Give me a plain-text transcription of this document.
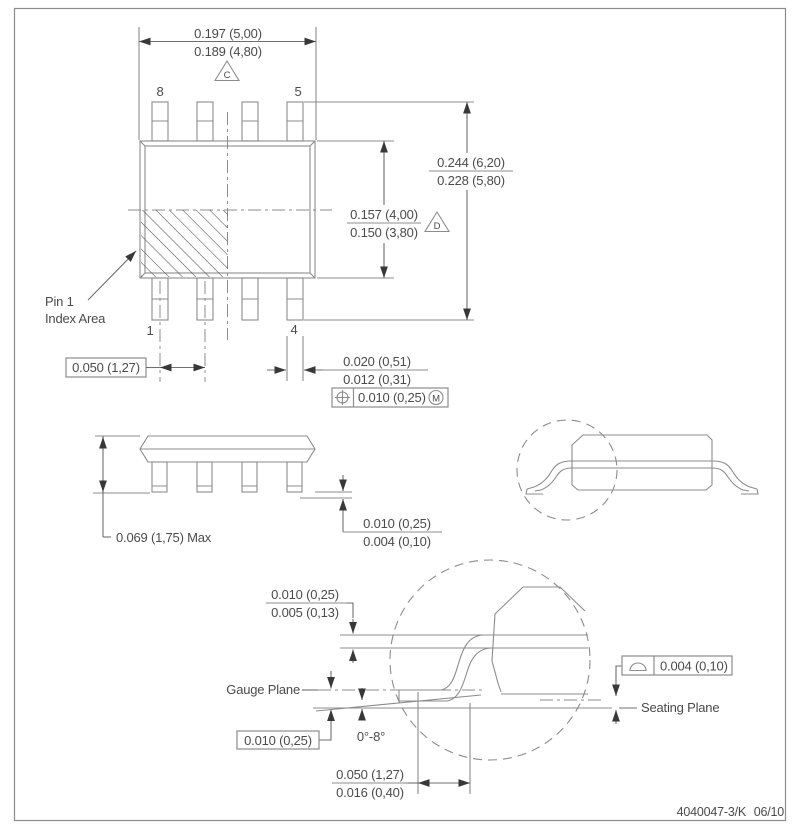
8	5
1	4
0.197 (5,00)
0.189 (4,80)
C
0.244 (6,20)
0.228 (5,80)
0.157 (4,00)
0.150 (3,80) D
Pin 1
Index Area
0.050 (1,27)	0.020 (0,51)
0.012 (0,31)
0.010 (0,25) M
0.069 (1,75) Max
0.010 (0,25)
0.004 (0,10)
0.010 (0,25)
0.005 (0,13)
Gauge Plane
0.010 (0,25)	0°-8°
Seating Plane
0.004 (0,10)
0.050 (1,27)
0.016 (0,40)
4040047-3/K 06/10
